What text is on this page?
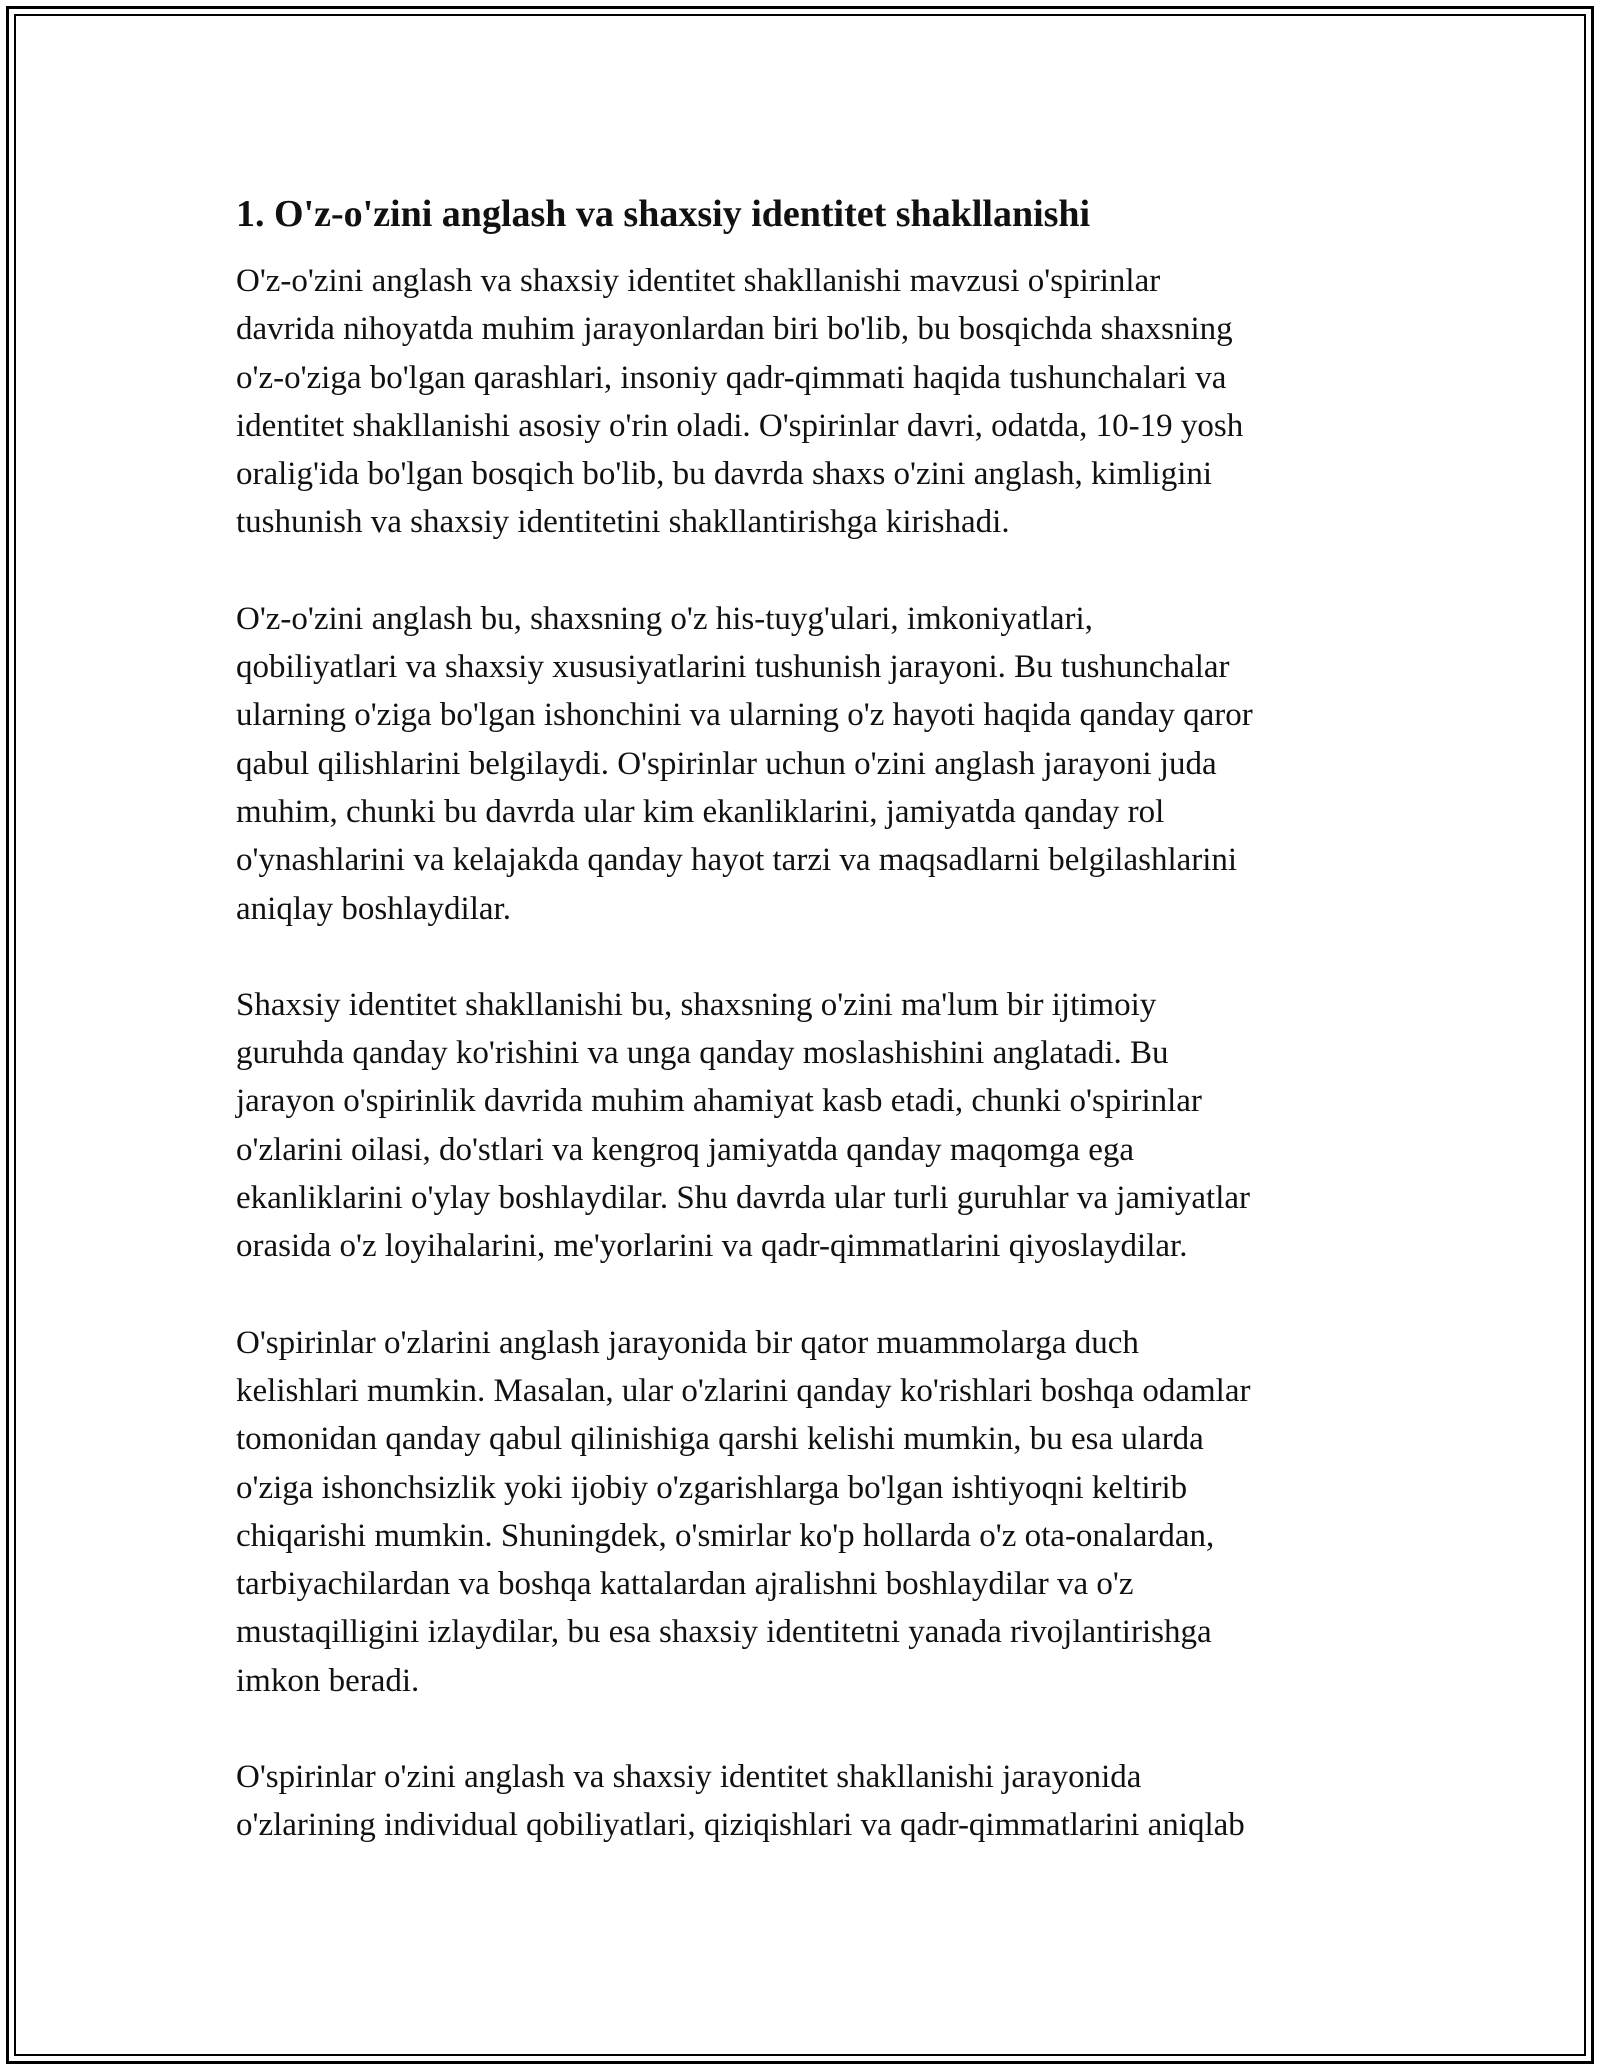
1. O'z-o'zini anglash va shaxsiy identitet shakllanishi

O'z-o'zini anglash va shaxsiy identitet shakllanishi mavzusi o'spirinlar
davrida nihoyatda muhim jarayonlardan biri bo'lib, bu bosqichda shaxsning
o'z-o'ziga bo'lgan qarashlari, insoniy qadr-qimmati haqida tushunchalari va
identitet shakllanishi asosiy o'rin oladi. O'spirinlar davri, odatda, 10-19 yosh
oralig'ida bo'lgan bosqich bo'lib, bu davrda shaxs o'zini anglash, kimligini
tushunish va shaxsiy identitetini shakllantirishga kirishadi.

O'z-o'zini anglash bu, shaxsning o'z his-tuyg'ulari, imkoniyatlari,
qobiliyatlari va shaxsiy xususiyatlarini tushunish jarayoni. Bu tushunchalar
ularning o'ziga bo'lgan ishonchini va ularning o'z hayoti haqida qanday qaror
qabul qilishlarini belgilaydi. O'spirinlar uchun o'zini anglash jarayoni juda
muhim, chunki bu davrda ular kim ekanliklarini, jamiyatda qanday rol
o'ynashlarini va kelajakda qanday hayot tarzi va maqsadlarni belgilashlarini
aniqlay boshlaydilar.

Shaxsiy identitet shakllanishi bu, shaxsning o'zini ma'lum bir ijtimoiy
guruhda qanday ko'rishini va unga qanday moslashishini anglatadi. Bu
jarayon o'spirinlik davrida muhim ahamiyat kasb etadi, chunki o'spirinlar
o'zlarini oilasi, do'stlari va kengroq jamiyatda qanday maqomga ega
ekanliklarini o'ylay boshlaydilar. Shu davrda ular turli guruhlar va jamiyatlar
orasida o'z loyihalarini, me'yorlarini va qadr-qimmatlarini qiyoslaydilar.

O'spirinlar o'zlarini anglash jarayonida bir qator muammolarga duch
kelishlari mumkin. Masalan, ular o'zlarini qanday ko'rishlari boshqa odamlar
tomonidan qanday qabul qilinishiga qarshi kelishi mumkin, bu esa ularda
o'ziga ishonchsizlik yoki ijobiy o'zgarishlarga bo'lgan ishtiyoqni keltirib
chiqarishi mumkin. Shuningdek, o'smirlar ko'p hollarda o'z ota-onalardan,
tarbiyachilardan va boshqa kattalardan ajralishni boshlaydilar va o'z
mustaqilligini izlaydilar, bu esa shaxsiy identitetni yanada rivojlantirishga
imkon beradi.

O'spirinlar o'zini anglash va shaxsiy identitet shakllanishi jarayonida
o'zlarining individual qobiliyatlari, qiziqishlari va qadr-qimmatlarini aniqlab
